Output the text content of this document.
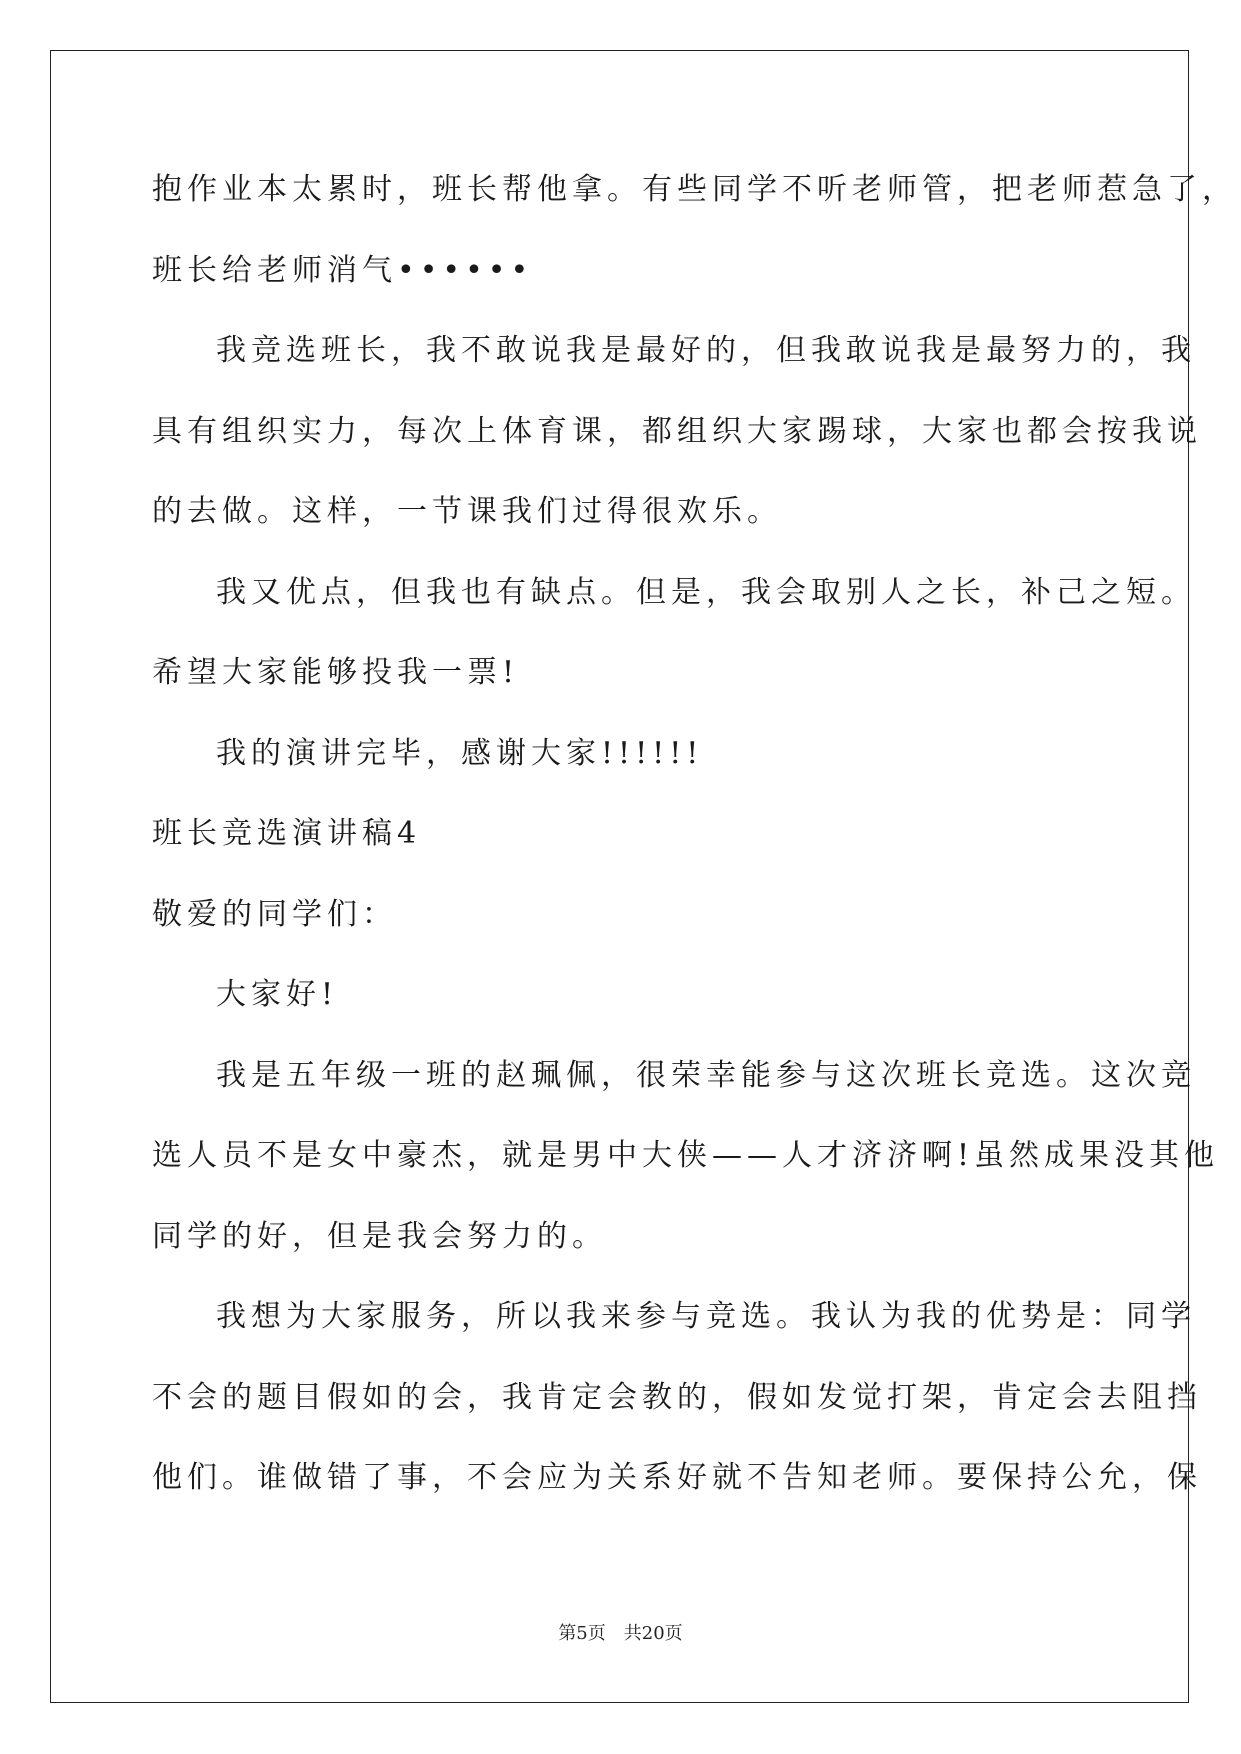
抱作业本太累时，班长帮他拿。有些同学不听老师管，把老师惹急了，
班长给老师消气••••••
我竞选班长，我不敢说我是最好的，但我敢说我是最努力的，我
具有组织实力，每次上体育课，都组织大家踢球，大家也都会按我说
的去做。这样，一节课我们过得很欢乐。
我又优点，但我也有缺点。但是，我会取别人之长，补己之短。
希望大家能够投我一票!
我的演讲完毕，感谢大家!!!!!!
班长竞选演讲稿4
敬爱的同学们：
大家好!
我是五年级一班的赵珮佩，很荣幸能参与这次班长竞选。这次竞
选人员不是女中豪杰，就是男中大侠——人才济济啊!虽然成果没其他
同学的好，但是我会努力的。
我想为大家服务，所以我来参与竞选。我认为我的优势是：同学
不会的题目假如的会，我肯定会教的，假如发觉打架，肯定会去阻挡
他们。谁做错了事，不会应为关系好就不告知老师。要保持公允，保
第5页　共20页
